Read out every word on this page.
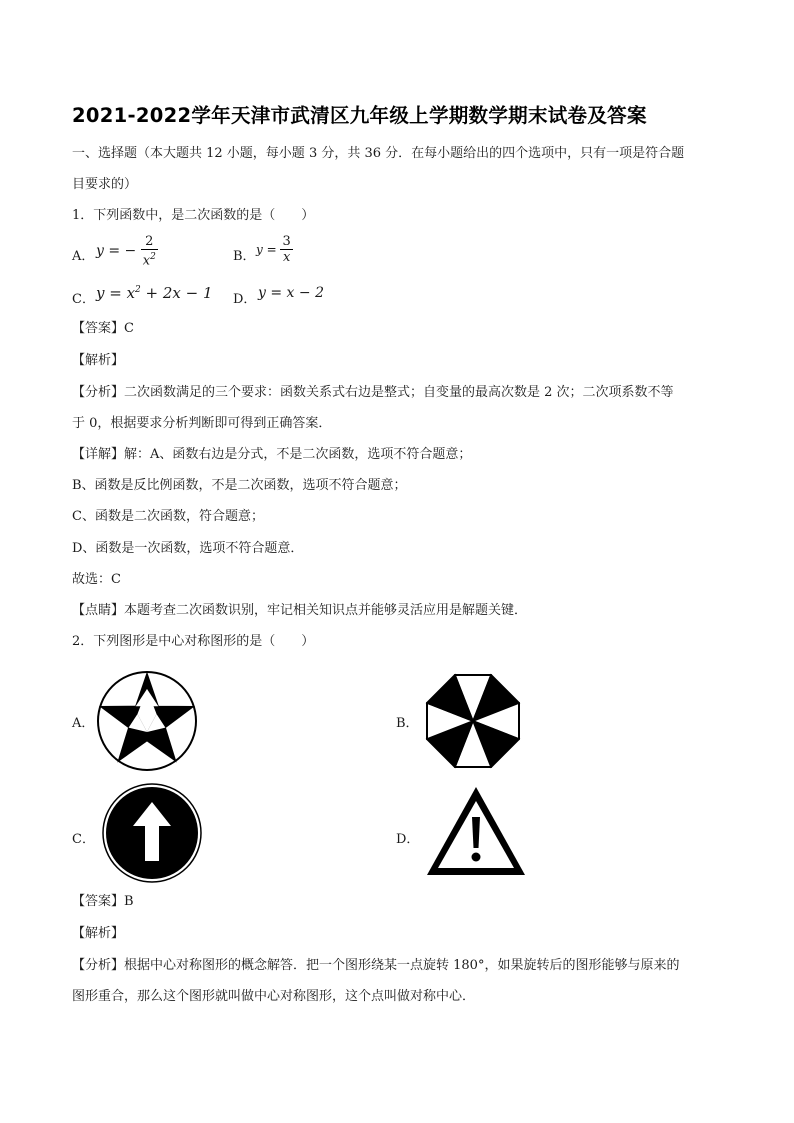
2021-2022学年天津市武清区九年级上学期数学期末试卷及答案
一、选择题（本大题共 12 小题，每小题 3 分，共 36 分．在每小题给出的四个选项中，只有一项是符合题
目要求的）
1．下列函数中，是二次函数的是（　　）
A． y = − $\frac{2}{x^2}$	B． $y = \frac{3}{x}$
C． $y = x^2 + 2x - 1$ D． y = x − 2
【答案】C
【解析】
【分析】二次函数满足的三个要求：函数关系式右边是整式；自变量的最高次数是 2 次；二次项系数不等
于 0，根据要求分析判断即可得到正确答案．
【详解】解：A、函数右边是分式，不是二次函数，选项不符合题意；
B、函数是反比例函数，不是二次函数，选项不符合题意；
C、函数是二次函数，符合题意；
D、函数是一次函数，选项不符合题意．
故选：C
【点睛】本题考查二次函数识别，牢记相关知识点并能够灵活应用是解题关键．
2．下列图形是中心对称图形的是（　　）
A．	B．
C．	D．
【答案】B
【解析】
【分析】根据中心对称图形的概念解答．把一个图形绕某一点旋转 180°，如果旋转后的图形能够与原来的
图形重合，那么这个图形就叫做中心对称图形，这个点叫做对称中心．
